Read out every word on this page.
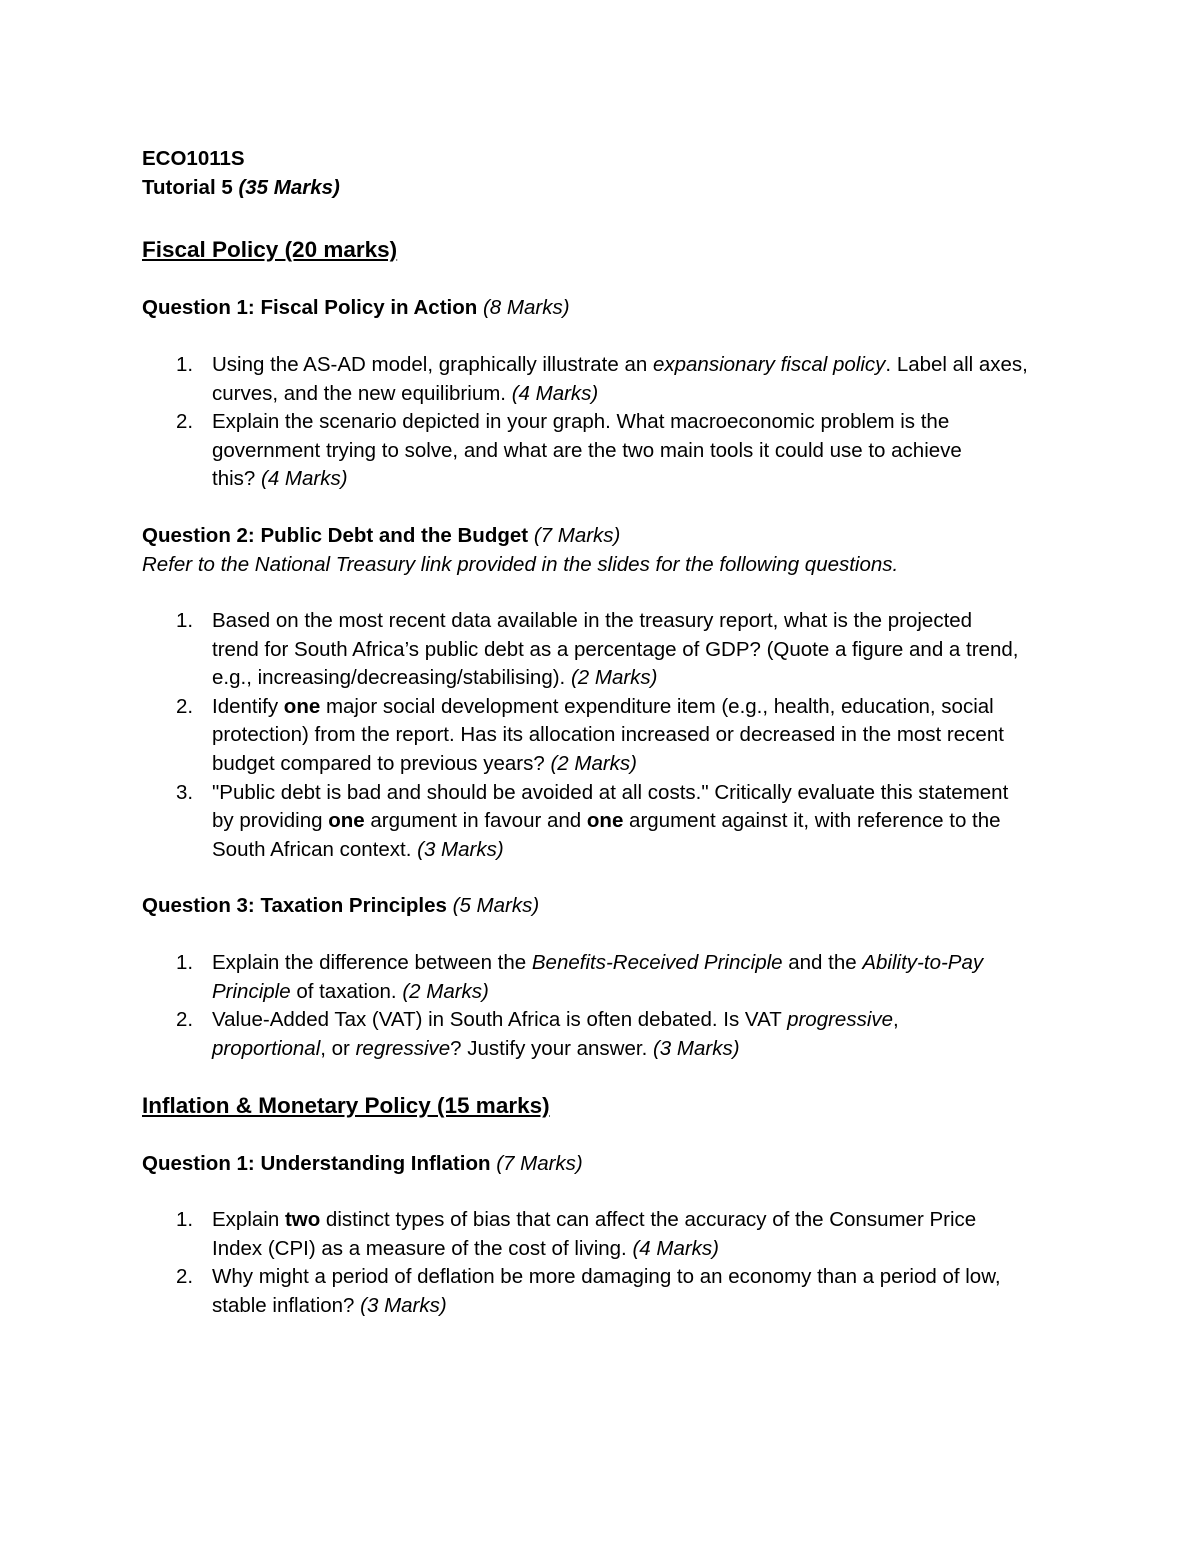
ECO1011S
Tutorial 5 (35 Marks)
Fiscal Policy (20 marks)
Question 1: Fiscal Policy in Action (8 Marks)
1. Using the AS-AD model, graphically illustrate an expansionary fiscal policy. Label all axes,
curves, and the new equilibrium. (4 Marks)
2. Explain the scenario depicted in your graph. What macroeconomic problem is the
government trying to solve, and what are the two main tools it could use to achieve
this? (4 Marks)
Question 2: Public Debt and the Budget (7 Marks)
Refer to the National Treasury link provided in the slides for the following questions.
1. Based on the most recent data available in the treasury report, what is the projected
trend for South Africa’s public debt as a percentage of GDP? (Quote a figure and a trend,
e.g., increasing/decreasing/stabilising). (2 Marks)
2. Identify one major social development expenditure item (e.g., health, education, social
protection) from the report. Has its allocation increased or decreased in the most recent
budget compared to previous years? (2 Marks)
3. "Public debt is bad and should be avoided at all costs." Critically evaluate this statement
by providing one argument in favour and one argument against it, with reference to the
South African context. (3 Marks)
Question 3: Taxation Principles (5 Marks)
1. Explain the difference between the Benefits-Received Principle and the Ability-to-Pay
Principle of taxation. (2 Marks)
2. Value-Added Tax (VAT) in South Africa is often debated. Is VAT progressive,
proportional, or regressive? Justify your answer. (3 Marks)
Inflation & Monetary Policy (15 marks)
Question 1: Understanding Inflation (7 Marks)
1. Explain two distinct types of bias that can affect the accuracy of the Consumer Price
Index (CPI) as a measure of the cost of living. (4 Marks)
2. Why might a period of deflation be more damaging to an economy than a period of low,
stable inflation? (3 Marks)
